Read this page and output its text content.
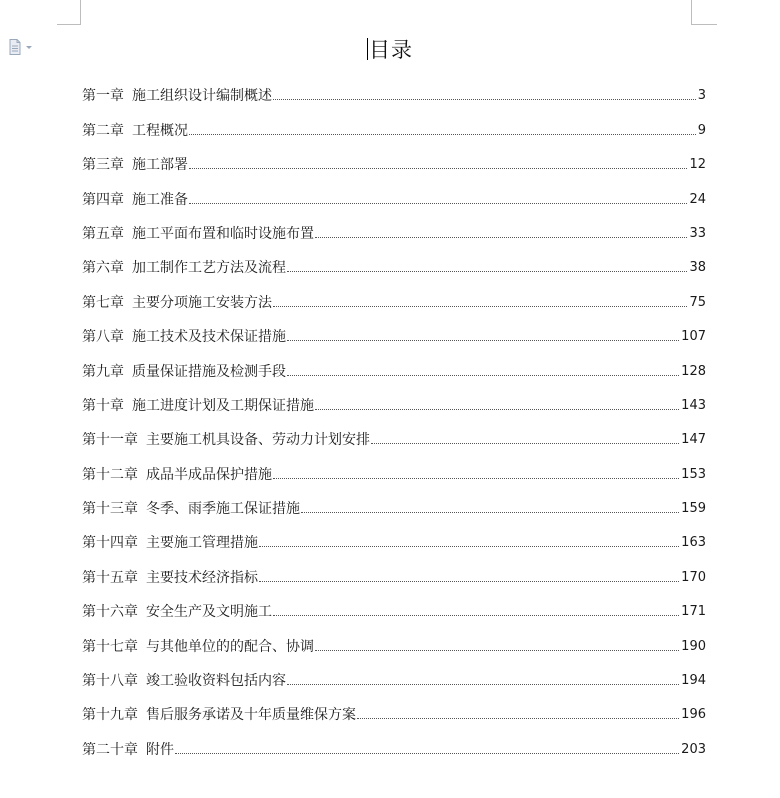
目录
第一章 施工组织设计编制概述	3
第二章 工程概况	9
第三章 施工部署	12
第四章 施工准备	24
第五章 施工平面布置和临时设施布置	33
第六章 加工制作工艺方法及流程	38
第七章 主要分项施工安装方法	75
第八章 施工技术及技术保证措施	107
第九章 质量保证措施及检测手段	128
第十章 施工进度计划及工期保证措施	143
第十一章 主要施工机具设备、劳动力计划安排	147
第十二章 成品半成品保护措施	153
第十三章 冬季、雨季施工保证措施	159
第十四章 主要施工管理措施	163
第十五章 主要技术经济指标	170
第十六章 安全生产及文明施工	171
第十七章 与其他单位的的配合、协调	190
第十八章 竣工验收资料包括内容	194
第十九章 售后服务承诺及十年质量维保方案	196
第二十章 附件	203
